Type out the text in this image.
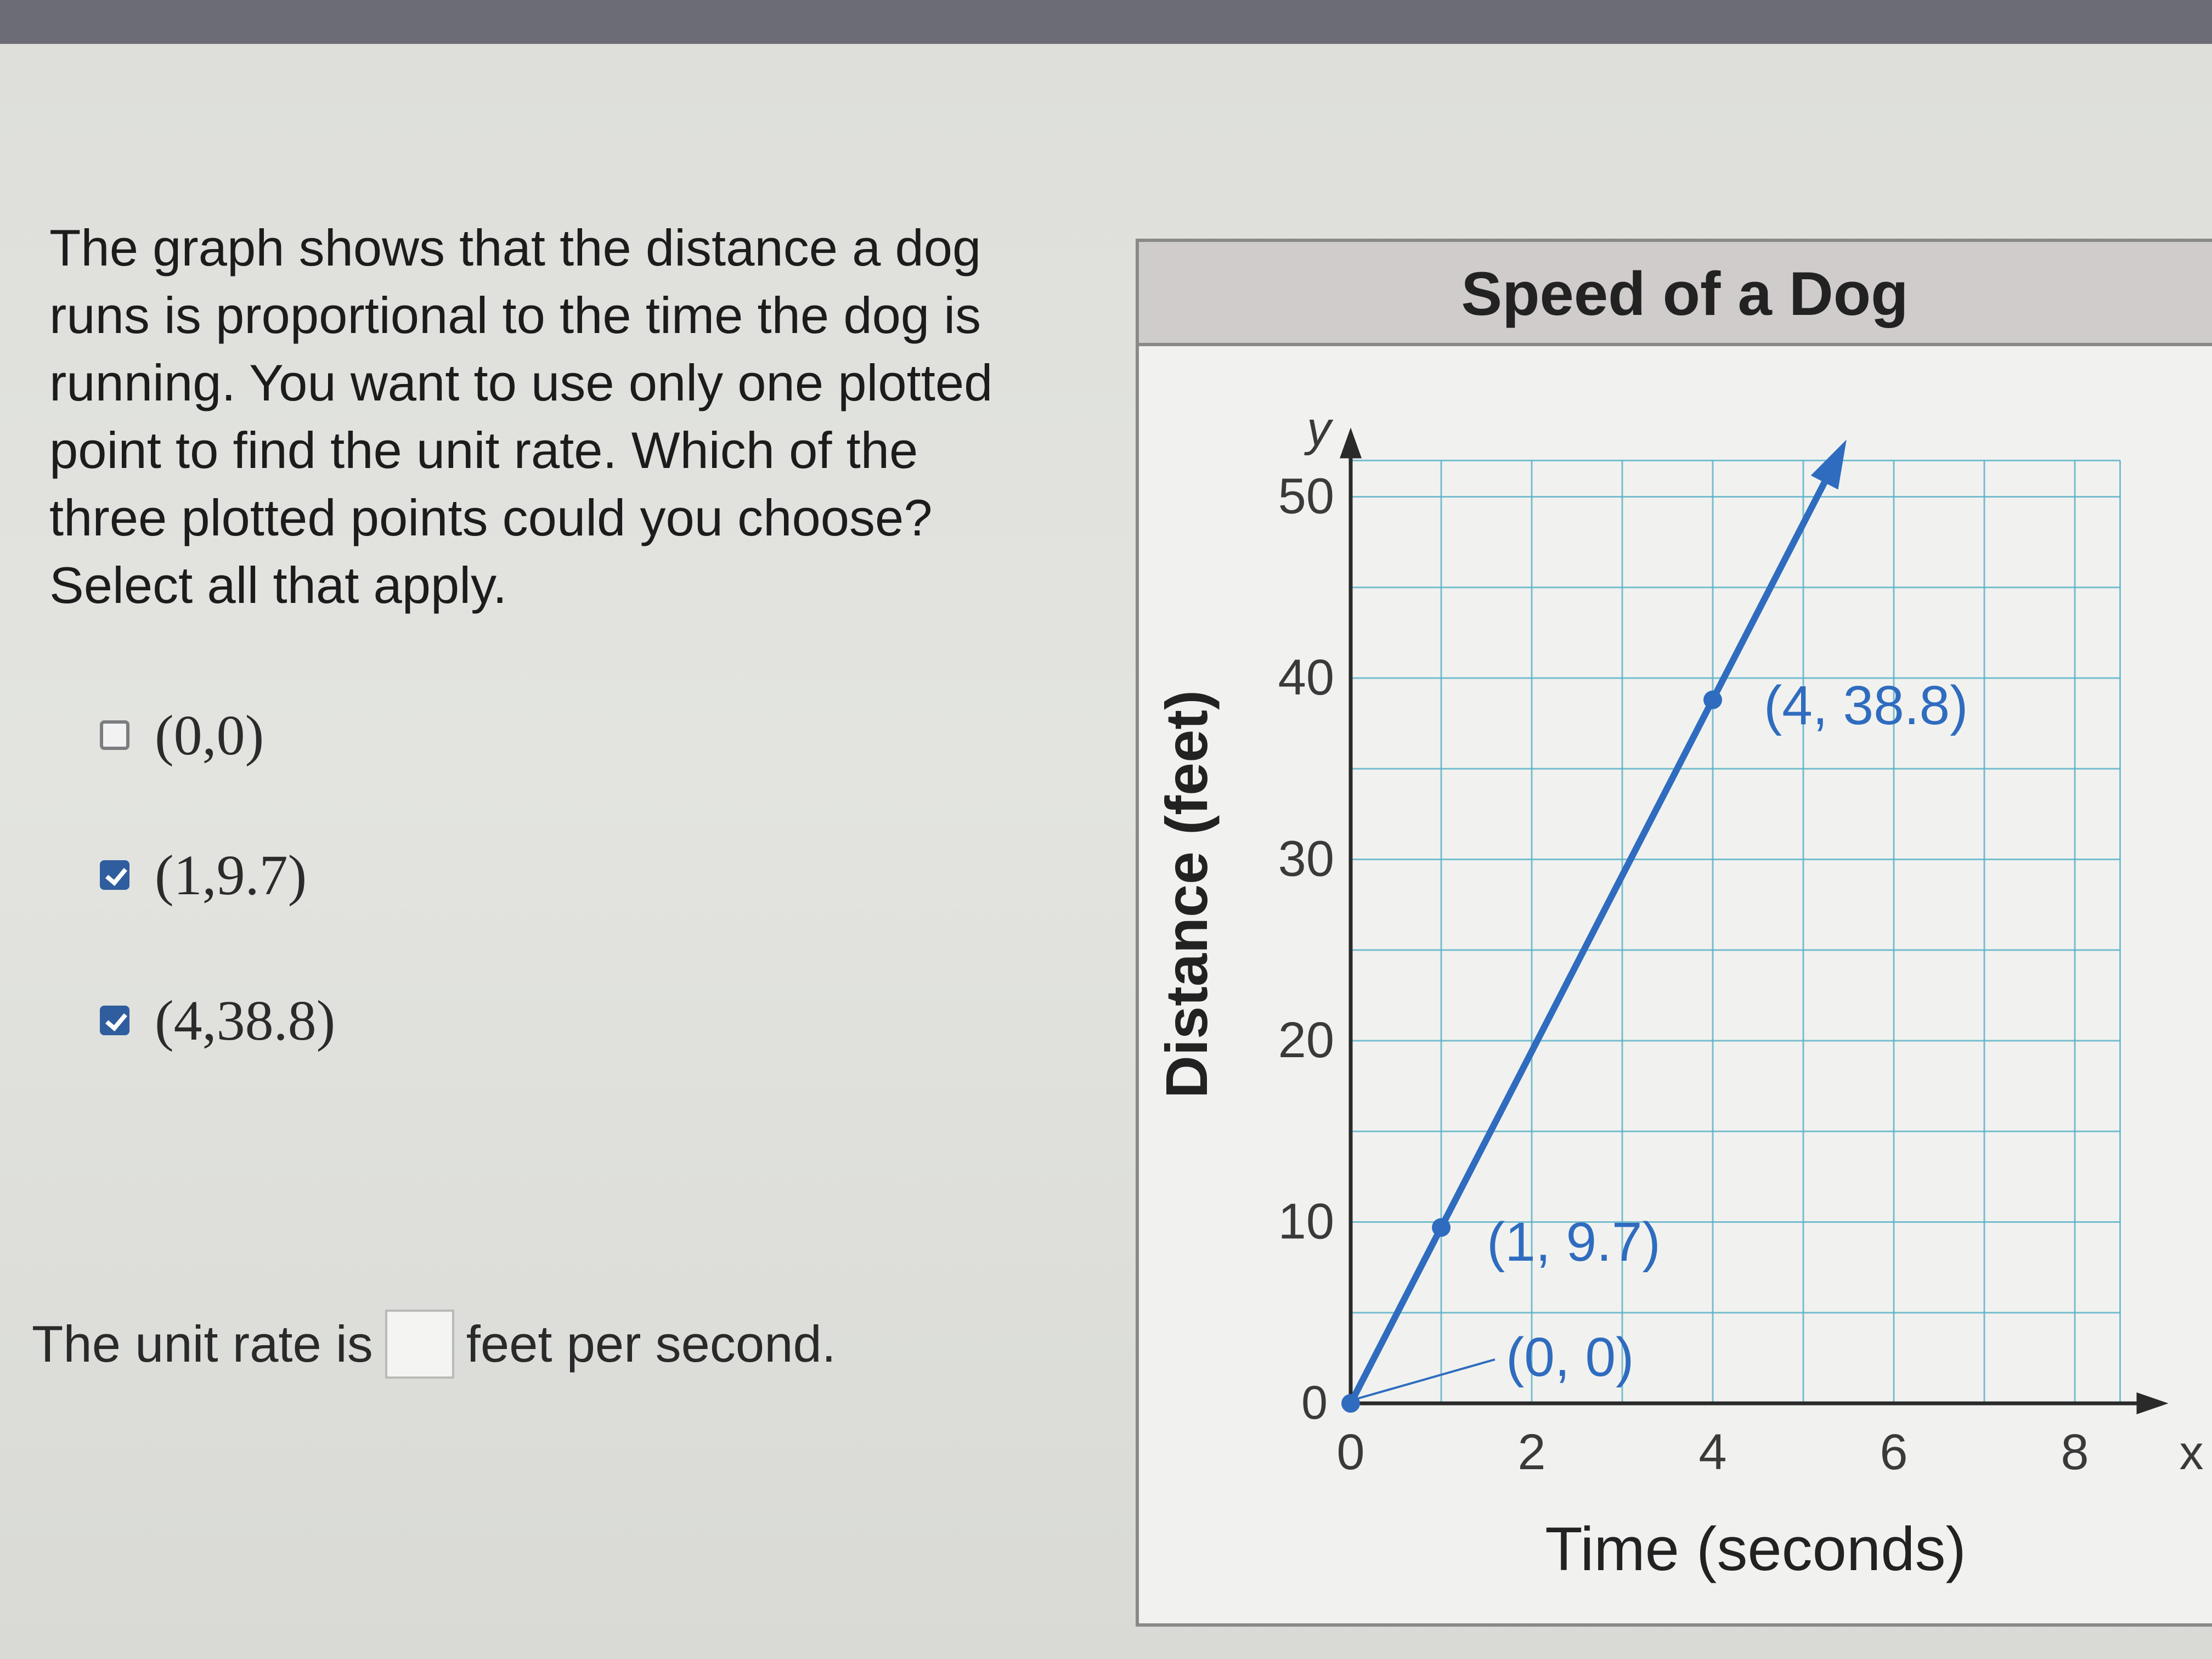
The graph shows that the distance a dog runs is proportional to the time the dog is running. You want to use only one plotted point to find the unit rate. Which of the three plotted points could you choose? Select all that apply.
(0,0)
(1,9.7)
(4,38.8)
The unit rate is feet per second.
Speed of a Dog
0	2	4	6	8
10
20
30
40
50
0
x
y
Time (seconds)
Distance (feet)
(0, 0)
(1, 9.7)
(4, 38.8)
